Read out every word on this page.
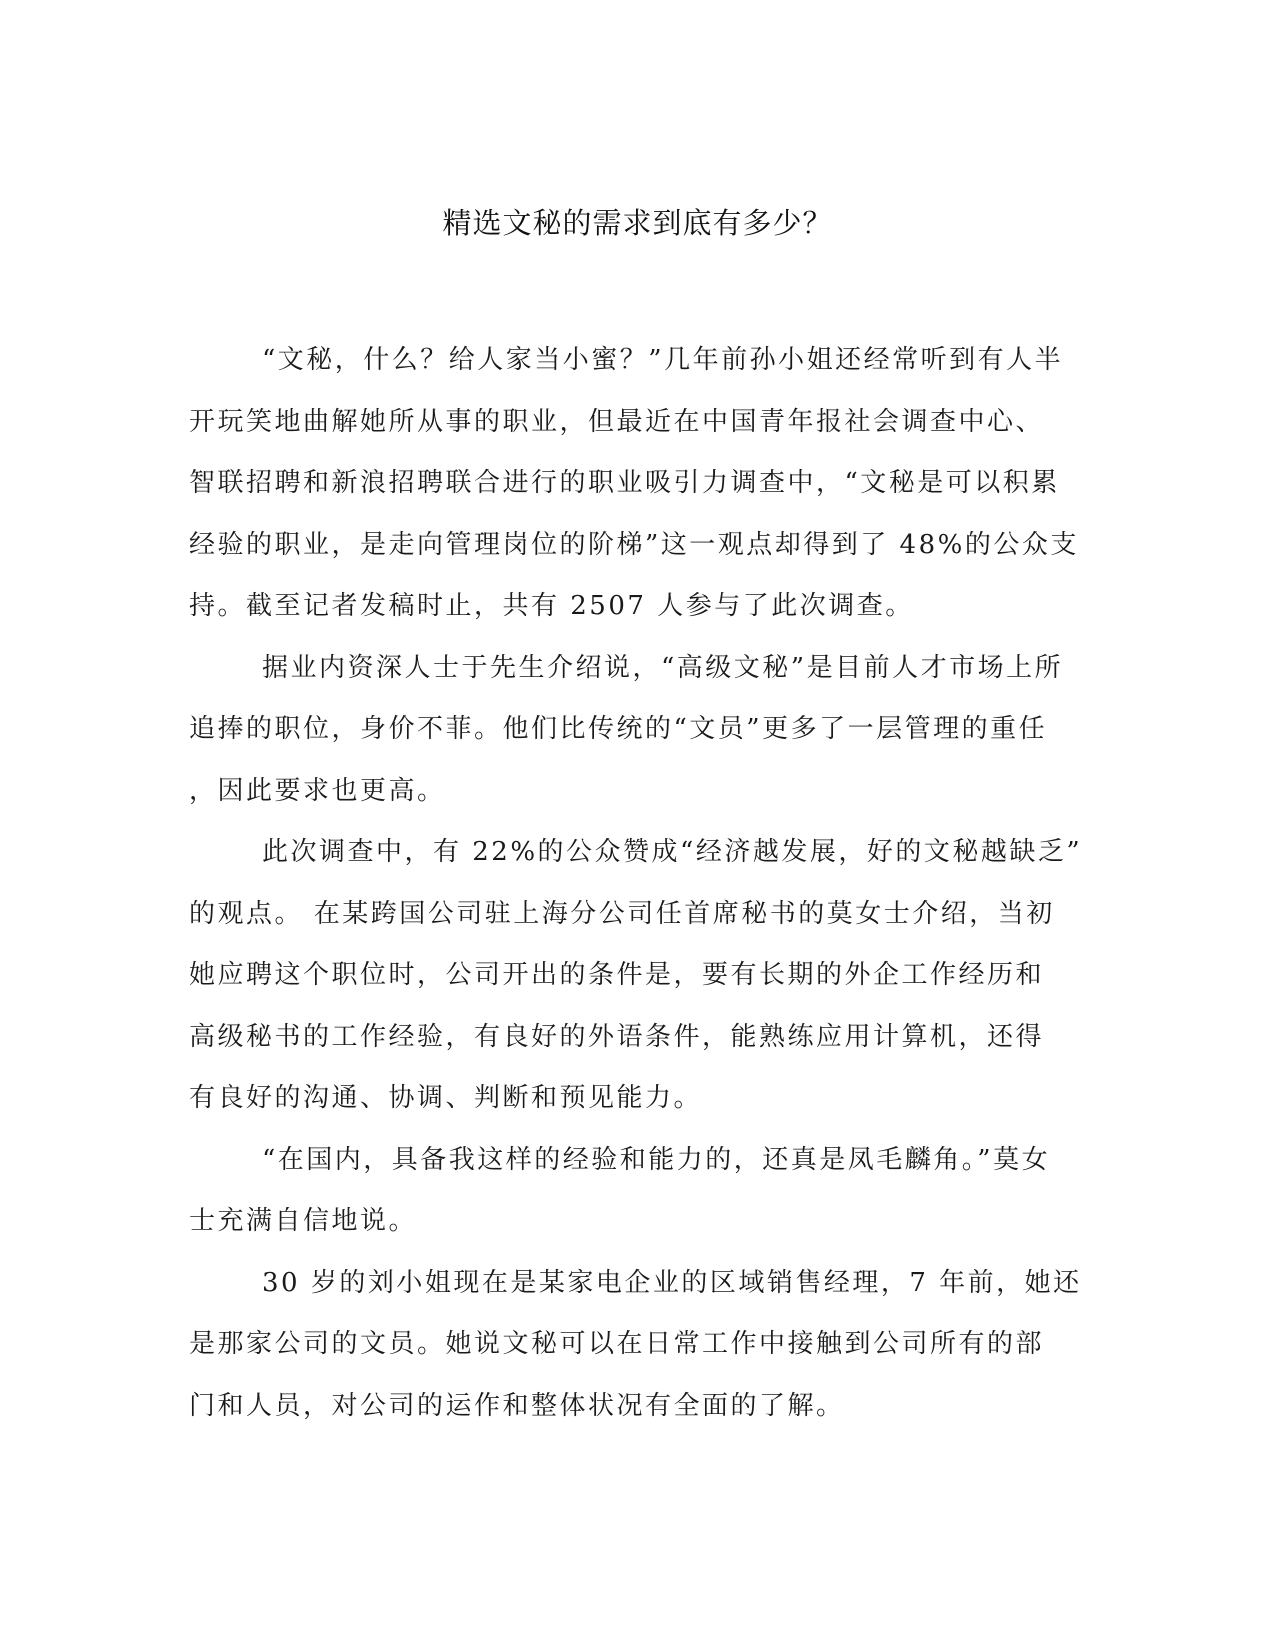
精选文秘的需求到底有多少？

“文秘，什么？给人家当小蜜？”几年前孙小姐还经常听到有人半

开玩笑地曲解她所从事的职业，但最近在中国青年报社会调查中心、

智联招聘和新浪招聘联合进行的职业吸引力调查中，“文秘是可以积累

经验的职业，是走向管理岗位的阶梯”这一观点却得到了 48%的公众支

持。截至记者发稿时止，共有 2507 人参与了此次调查。

据业内资深人士于先生介绍说，“高级文秘”是目前人才市场上所

追捧的职位，身价不菲。他们比传统的“文员”更多了一层管理的重任

，因此要求也更高。

此次调查中，有 22%的公众赞成“经济越发展，好的文秘越缺乏”

的观点。 在某跨国公司驻上海分公司任首席秘书的莫女士介绍，当初

她应聘这个职位时，公司开出的条件是，要有长期的外企工作经历和

高级秘书的工作经验，有良好的外语条件，能熟练应用计算机，还得

有良好的沟通、协调、判断和预见能力。

“在国内，具备我这样的经验和能力的，还真是凤毛麟角。”莫女

士充满自信地说。

30 岁的刘小姐现在是某家电企业的区域销售经理，7 年前，她还

是那家公司的文员。她说文秘可以在日常工作中接触到公司所有的部

门和人员，对公司的运作和整体状况有全面的了解。
